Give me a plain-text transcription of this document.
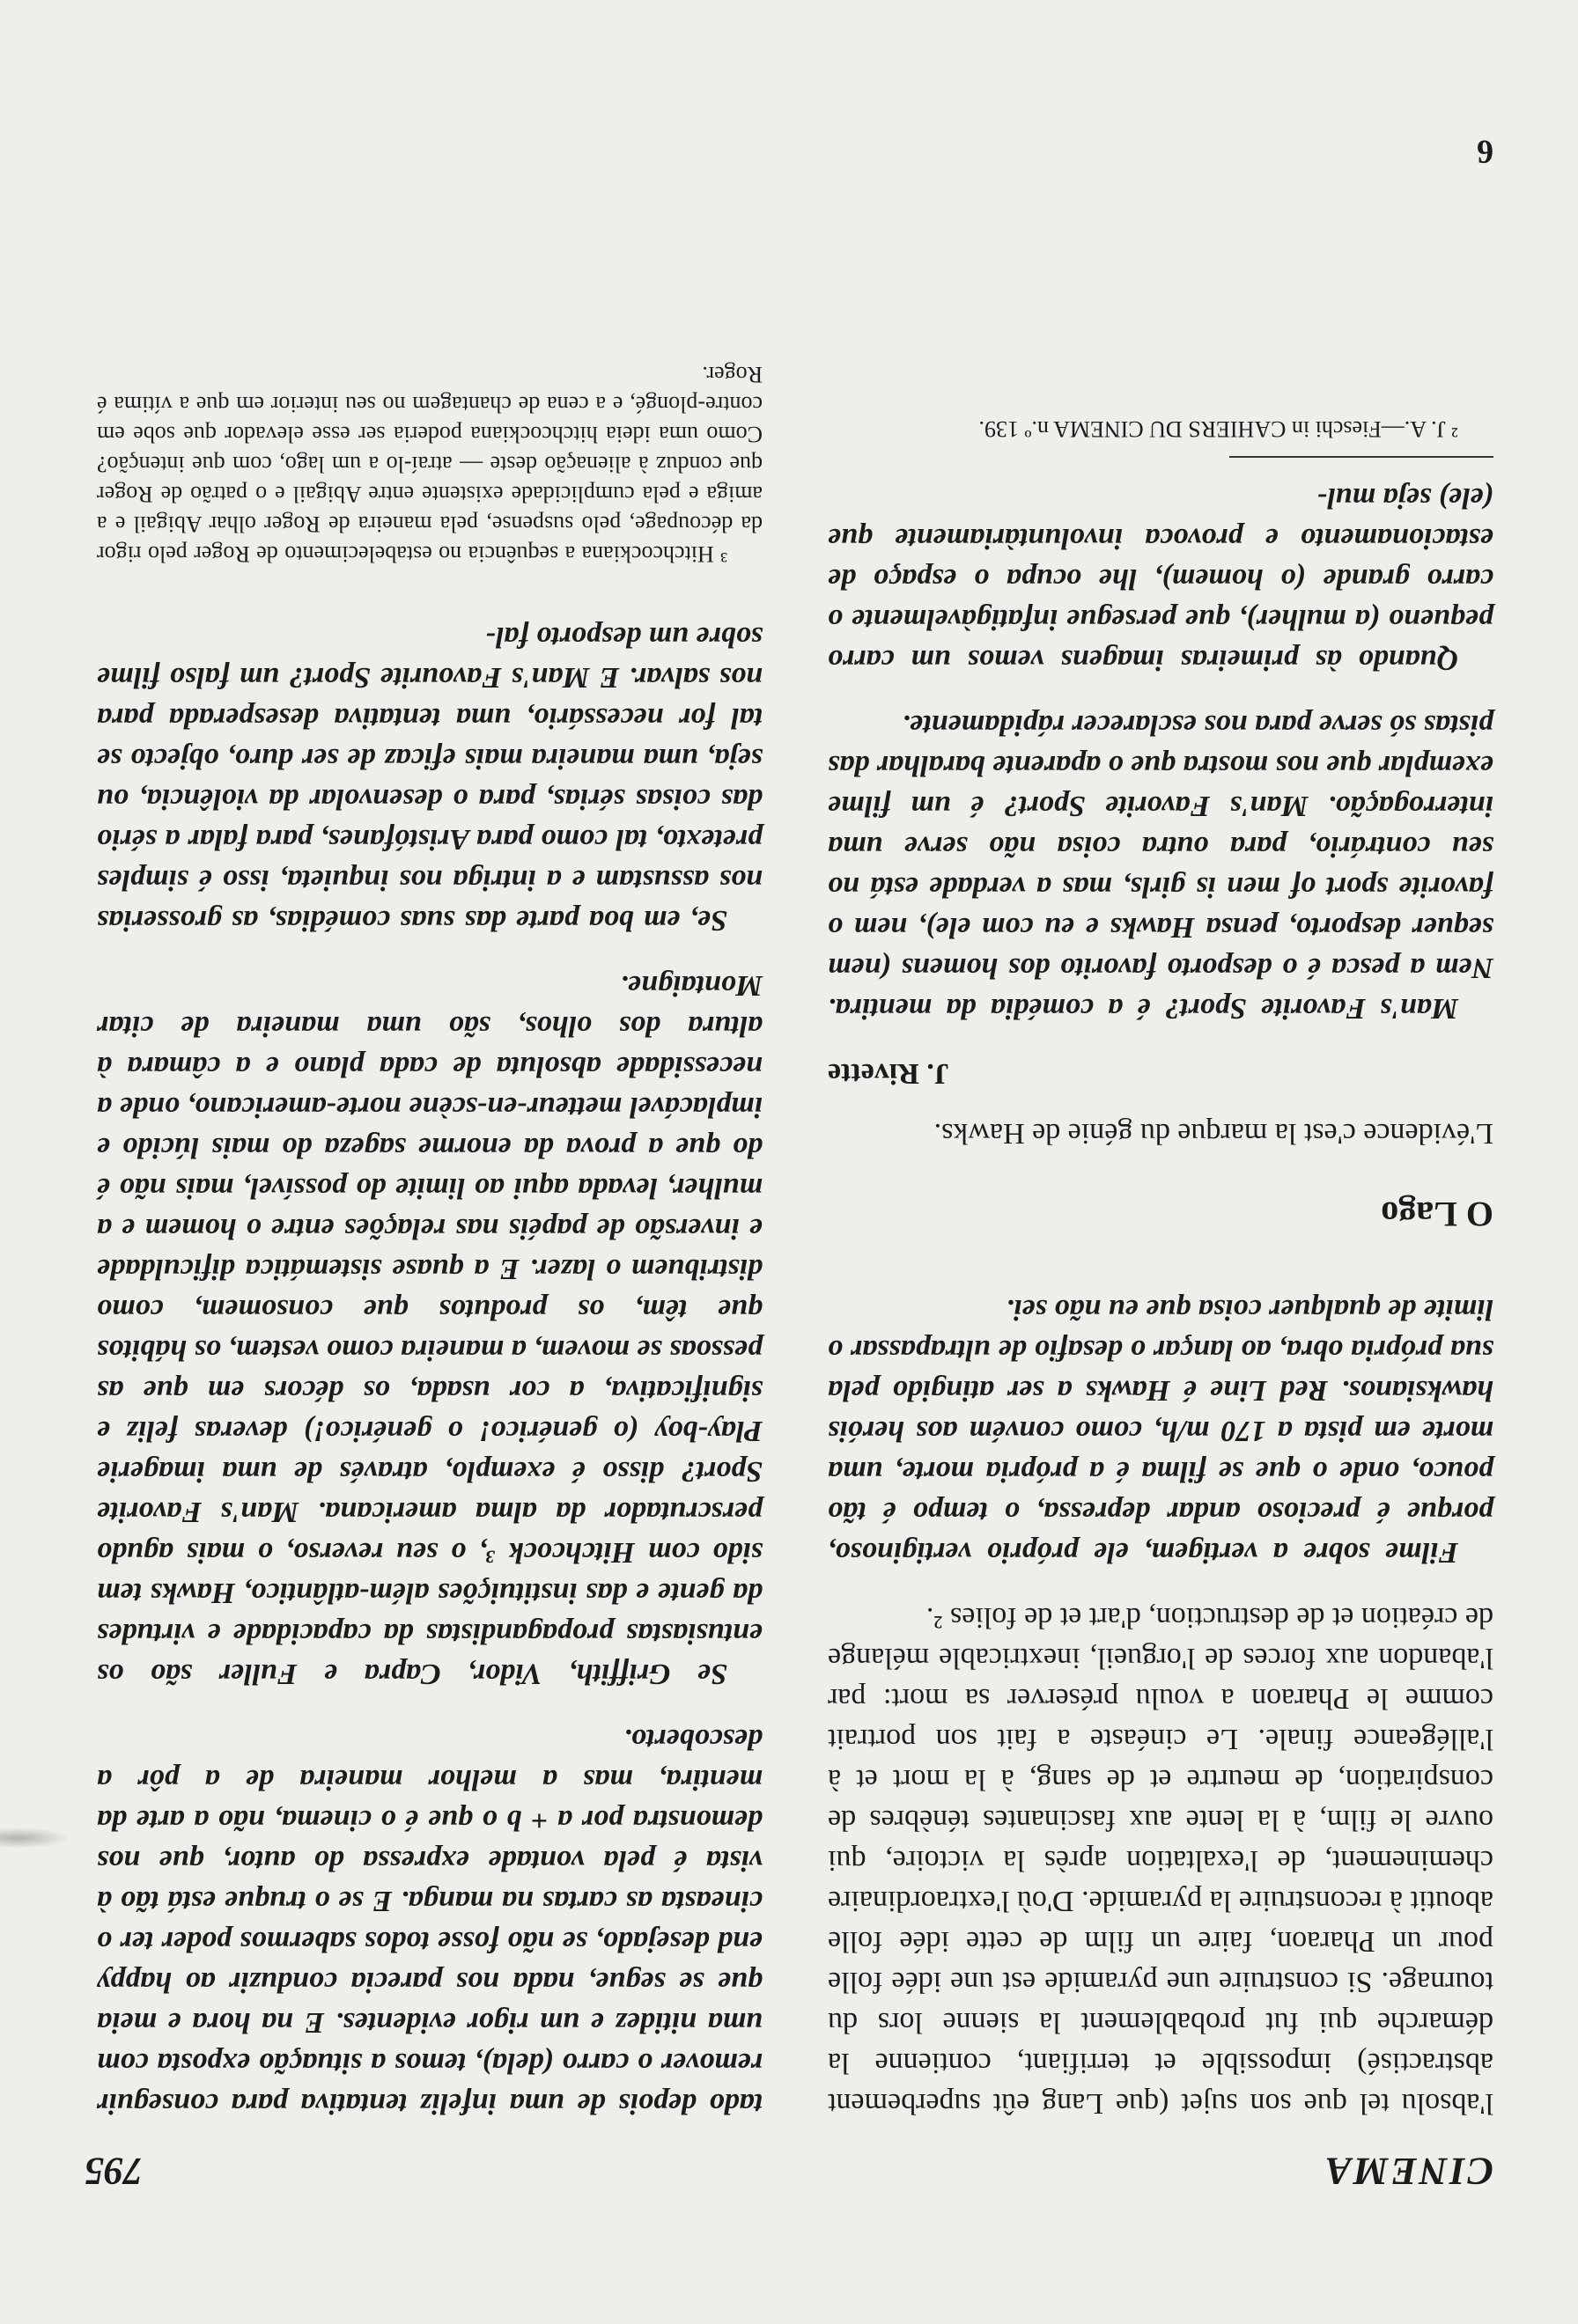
CINEMA
795

l'absolu tel que son sujet (que Lang eût superbement abstractisé) impossible et terrifiant, contienne la démarche qui fut probablement la sienne lors du tournage. Si construire une pyramide est une idée folle pour un Pharaon, faire un film de cette idée folle aboutit à reconstruire la pyramide. D'où l'extraordinaire cheminement, de l'exaltation après la victoire, qui ouvre le film, à la lente aux fascinantes ténèbres de conspiration, de meurtre et de sang, à la mort et à l'allégeance finale. Le cinéaste a fait son portrait comme le Pharaon a voulu préserver sa mort: par l'abandon aux forces de l'orgueil, inextricable mélange de création et de destruction, d'art et de folies ².

Filme sobre a vertigem, ele próprio vertiginoso, porque é precioso andar depressa, o tempo é tão pouco, onde o que se filma é a própria morte, uma morte em pista a 170 m/h, como convém aos heróis hawksianos. Red Line é Hawks a ser atingido pela sua própria obra, ao lançar o desafio de ultrapassar o limite de qualquer coisa que eu não sei.

O Lago

L'évidence c'est la marque du génie de Hawks.

J. Rivette

Man's Favorite Sport? é a comédia da mentira. Nem a pesca é o desporto favorito dos homens (nem sequer desporto, pensa Hawks e eu com ele), nem o favorite sport of men is girls, mas a verdade está no seu contrário, para outra coisa não serve uma interrogação. Man's Favorite Sport? é um filme exemplar que nos mostra que o aparente baralhar das pistas só serve para nos esclarecer rápidamente.

Quando às primeiras imagens vemos um carro pequeno (a mulher), que persegue infatigàvelmente o carro grande (o homem), lhe ocupa o espaço de estacionamento e provoca involuntàriamente que (ele) seja mul-

² J. A.—Fieschi in CAHIERS DU CINEMA n.º 139.

tado depois de uma infeliz tentativa para conseguir remover o carro (dela), temos a situação exposta com uma nitidez e um rigor evidentes. E na hora e meia que se segue, nada nos parecia conduzir ao happy end desejado, se não fosse todos sabermos poder ter o cineasta as cartas na manga. E se o truque está tão à vista é pela vontade expressa do autor, que nos demonstra por a + b o que é o cinema, não a arte da mentira, mas a melhor maneira de a pôr a descoberto.

Se Griffith, Vidor, Capra e Fuller são os entusiastas propagandistas da capacidade e virtudes da gente e das instituições além-atlântico, Hawks tem sido com Hitchcock ³, o seu reverso, o mais agudo perscrutador da alma americana. Man's Favorite Sport? disso é exemplo, através de uma imagerie Play-boy (o genérico! o genérico!) deveras feliz e significativa, a cor usada, os décors em que as pessoas se movem, a maneira como vestem, os hábitos que têm, os produtos que consomem, como distribuem o lazer. E a quase sistemática dificuldade e inversão de papéis nas relações entre o homem e a mulher, levada aqui ao limite do possível, mais não é do que a prova da enorme sageza do mais lúcido e implacável metteur-en-scène norte-americano, onde a necessidade absoluta de cada plano e a câmara à altura dos olhos, são uma maneira de citar Montaigne.

Se, em boa parte das suas comédias, as grosserias nos assustam e a intriga nos inquieta, isso é simples pretexto, tal como para Aristófanes, para falar a sério das coisas sérias, para o desenvolar da violência, ou seja, uma maneira mais eficaz de ser duro, objecto se tal for necessário, uma tentativa desesperada para nos salvar. E Man's Favourite Sport? um falso filme sobre um desporto fal-

³ Hitchcockiana a sequência no estabelecimento de Roger pelo rigor da découpage, pelo suspense, pela maneira de Roger olhar Abigail e a amiga e pela cumplicidade existente entre Abigail e o patrão de Roger que conduz à alienação deste — atraí-lo a um lago, com que intenção? Como uma ideia hitchcockiana poderia ser esse elevador que sobe em contre-plongé, e a cena de chantagem no seu interior em que a vítima é Roger.

6
